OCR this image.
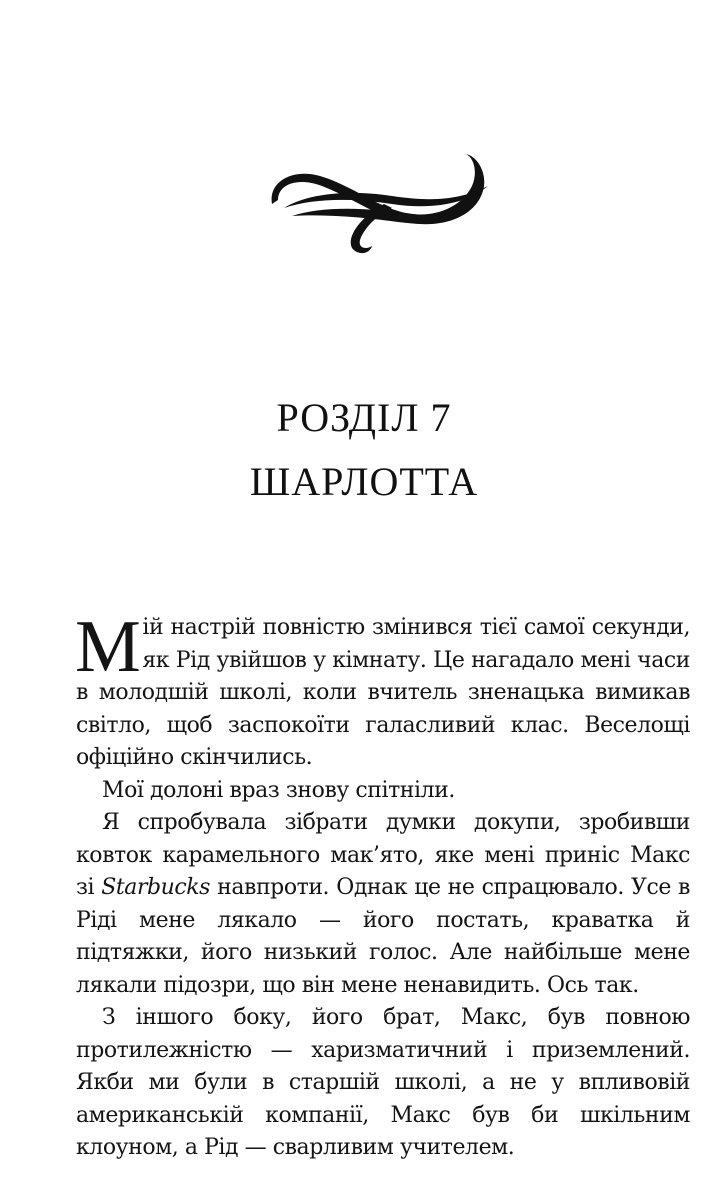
РОЗДІЛ 7
ШАРЛОТТА

Мій настрій повністю змінився тієї самої секунди, як Рід увійшов у кімнату. Це нагадало мені часи в молодшій школі, коли вчитель зненацька вимикав світло, щоб заспокоїти галасливий клас. Веселощі офіційно скінчились.

Мої долоні враз знову спітніли.

Я спробувала зібрати думки докупи, зробивши ковток карамельного мак’ято, яке мені приніс Макс зі Starbucks навпроти. Однак це не спрацювало. Усе в Ріді мене лякало — його постать, краватка й підтяжки, його низький голос. Але найбільше мене лякали підозри, що він мене ненавидить. Ось так.

З іншого боку, його брат, Макс, був повною протилежністю — харизматичний і приземлений. Якби ми були в старшій школі, а не у впливовій американській компанії, Макс був би шкільним клоуном, а Рід — сварливим учителем.
